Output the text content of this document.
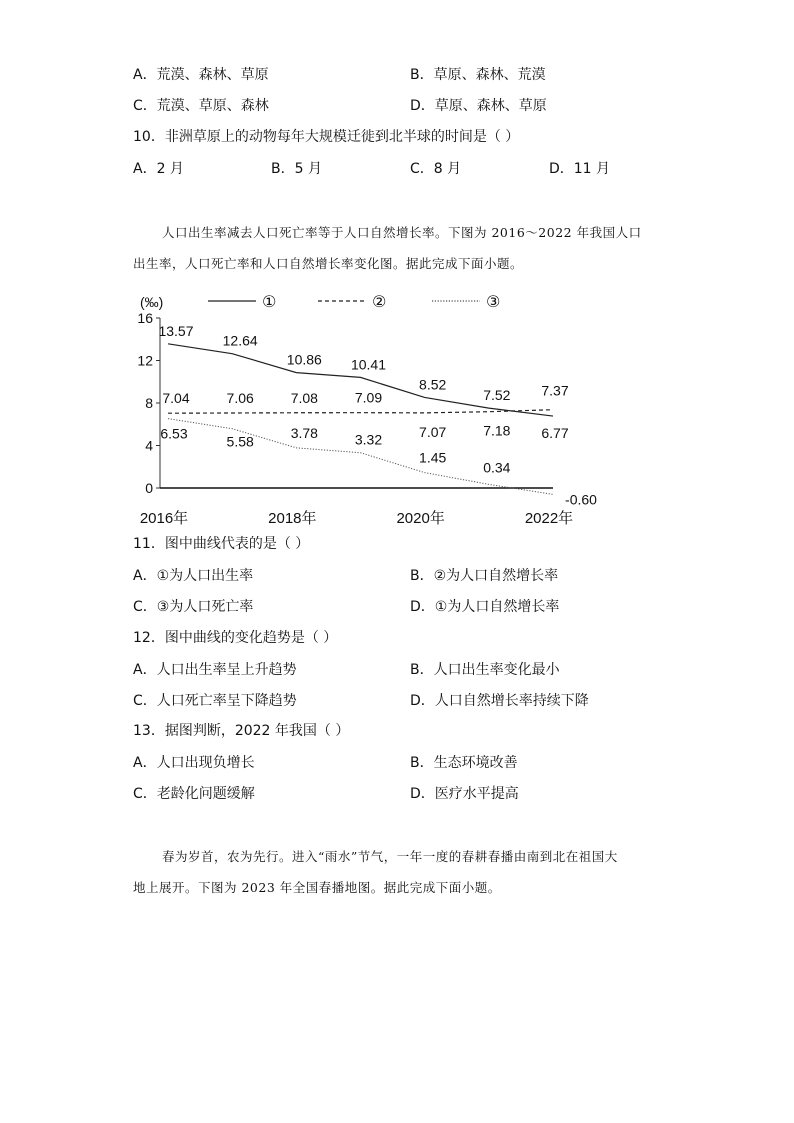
A．荒漠、森林、草原	B．草原、森林、荒漠
C．荒漠、草原、森林	D．草原、森林、草原
10．非洲草原上的动物每年大规模迁徙到北半球的时间是（ ）
A．2 月	B．5 月	C．8 月	D．11 月
人口出生率减去人口死亡率等于人口自然增长率。下图为 2016～2022 年我国人口
出生率，人口死亡率和人口自然增长率变化图。据此完成下面小题。
(‰)
16
12
8
4
0
2016年	2018年	2020年	2022年
①	②	③
13.57
12.64
10.86 10.41
8.52
7.52
6.77
7.04	7.06	7.08	7.09
7.07	7.18
7.37
6.53
5.58
3.78	3.32
1.45
0.34
-0.60
11．图中曲线代表的是（ ）
A．①为人口出生率	B．②为人口自然增长率
C．③为人口死亡率	D．①为人口自然增长率
12．图中曲线的变化趋势是（ ）
A．人口出生率呈上升趋势	B．人口出生率变化最小
C．人口死亡率呈下降趋势	D．人口自然增长率持续下降
13．据图判断，2022 年我国（ ）
A．人口出现负增长	B．生态环境改善
C．老龄化问题缓解	D．医疗水平提高
春为岁首，农为先行。进入“雨水”节气，一年一度的春耕春播由南到北在祖国大
地上展开。下图为 2023 年全国春播地图。据此完成下面小题。
